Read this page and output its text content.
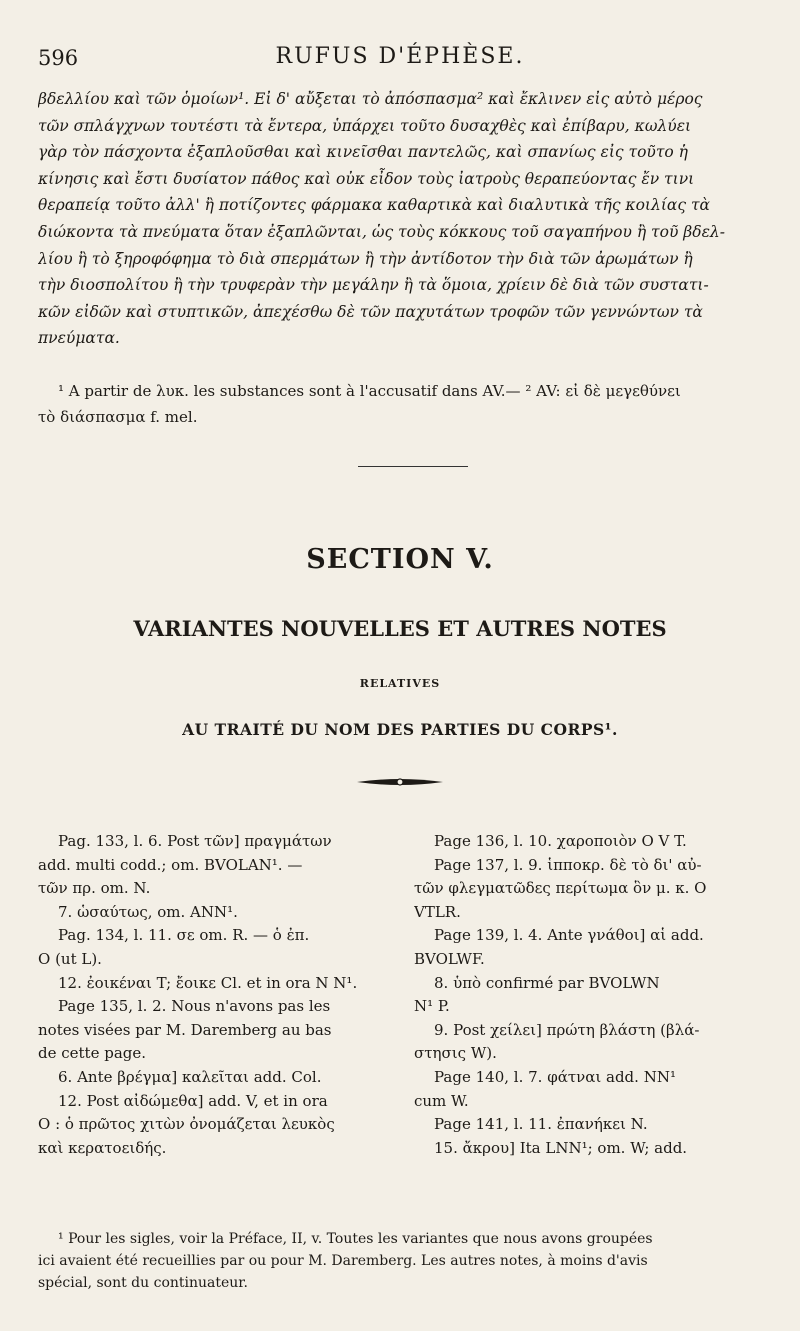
596	RUFUS D'ÉPHÈSE.
βδελλίου καὶ τῶν ὁμοίων¹. Εἰ δ' αὔξεται τὸ ἀπόσπασμα² καὶ ἔκλινεν εἰς αὐτὸ μέρος
τῶν σπλάγχνων τουτέστι τὰ ἔντερα, ὑπάρχει τοῦτο δυσαχθὲς καὶ ἐπίβαρυ, κωλύει
γὰρ τὸν πάσχοντα ἐξαπλοῦσθαι καὶ κινεῖσθαι παντελῶς, καὶ σπανίως εἰς τοῦτο ἡ
κίνησις καὶ ἔστι δυσίατον πάθος καὶ οὐκ εἶδον τοὺς ἰατροὺς θεραπεύοντας ἔν τινι
θεραπείᾳ τοῦτο ἀλλ' ἢ ποτίζοντες φάρμακα καθαρτικὰ καὶ διαλυτικὰ τῆς κοιλίας τὰ
διώκοντα τὰ πνεύματα ὅταν ἐξαπλῶνται, ὡς τοὺς κόκκους τοῦ σαγαπήνου ἢ τοῦ βδελ-
λίου ἢ τὸ ξηροφόφημα τὸ διὰ σπερμάτων ἢ τὴν ἀντίδοτον τὴν διὰ τῶν ἀρωμάτων ἢ
τὴν διοσπολίτου ἢ τὴν τρυφερὰν τὴν μεγάλην ἢ τὰ ὅμοια, χρίειν δὲ διὰ τῶν συστατι-
κῶν εἰδῶν καὶ στυπτικῶν, ἀπεχέσθω δὲ τῶν παχυτάτων τροφῶν τῶν γεννώντων τὰ
πνεύματα.
¹ A partir de λυκ. les substances sont à l'accusatif dans AV.— ² AV: εἰ δὲ μεγεθύνει
τὸ διάσπασμα f. mel.
SECTION V.
VARIANTES NOUVELLES ET AUTRES NOTES
RELATIVES
AU TRAITÉ DU NOM DES PARTIES DU CORPS¹.
Pag. 133, l. 6. Post τῶν] πραγμάτων
add. multi codd.; om. BVOLAN¹. —
τῶν πρ. om. N.
7. ὡσαύτως, om. ANN¹.
Pag. 134, l. 11. σε om. R. — ὁ ἐπ.
O (ut L).
12. ἐοικέναι T; ἔοικε Cl. et in ora N N¹.
Page 135, l. 2. Nous n'avons pas les
notes visées par M. Daremberg au bas
de cette page.
6. Ante βρέγμα] καλεῖται add. Col.
12. Post αἰδώμεθα] add. V, et in ora
O : ὁ πρῶτος χιτὼν ὀνομάζεται λευκὸς
καὶ κερατοειδής.
Page 136, l. 10. χαροποιὸν O V T.
Page 137, l. 9. ἱπποκρ. δὲ τὸ δι' αὐ-
τῶν φλεγματῶδες περίτωμα ὃν μ. κ. O
VTLR.
Page 139, l. 4. Ante γνάθοι] αἱ add.
BVOLWF.
8. ὑπὸ confirmé par BVOLWN
N¹ P.
9. Post χείλει] πρώτη βλάστη (βλά-
στησις W).
Page 140, l. 7. φάτναι add. NN¹
cum W.
Page 141, l. 11. ἐπανήκει N.
15. ἄκρου] Ita LNN¹; om. W; add.
¹ Pour les sigles, voir la Préface, II, v. Toutes les variantes que nous avons groupées
ici avaient été recueillies par ou pour M. Daremberg. Les autres notes, à moins d'avis
spécial, sont du continuateur.
